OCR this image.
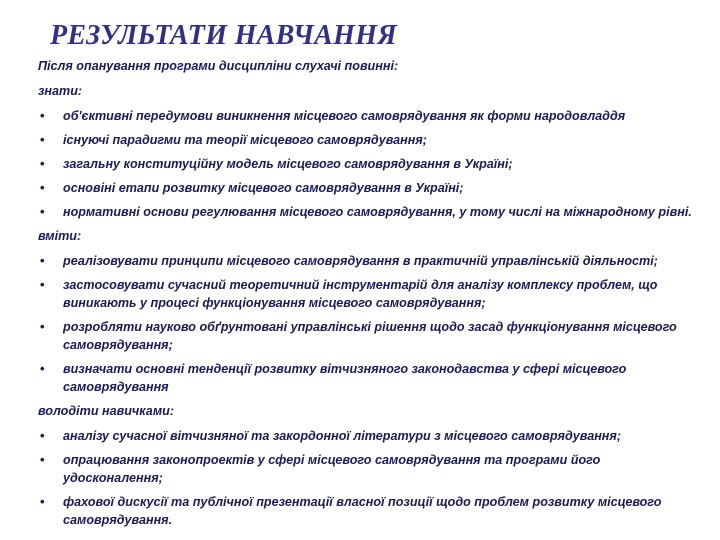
РЕЗУЛЬТАТИ НАВЧАННЯ

Після опанування програми дисципліни слухачі повинні:

знати:

• об'єктивні передумови виникнення місцевого самоврядування як форми народовладдя
• існуючі парадигми та теорії місцевого самоврядування;
• загальну конституційну модель місцевого самоврядування в Україні;
• основіні етапи розвитку місцевого самоврядування в Україні;
• нормативні основи регулювання місцевого самоврядування, у тому числі на міжнародному рівні.

вміти:

• реалізовувати принципи місцевого самоврядування в практичній управлінській діяльності;
• застосовувати сучасний теоретичний інструментарій для аналізу комплексу проблем, що виникають у процесі функціонування місцевого самоврядування;
• розробляти науково обґрунтовані управлінські рішення щодо засад функціонування місцевого самоврядування;
• визначати основні тенденції розвитку вітчизняного законодавства у сфері місцевого самоврядування

володіти навичками:

• аналізу сучасної вітчизняної та закордонної літератури з місцевого самоврядування;
• опрацювання законопроектів у сфері місцевого самоврядування та програми його удосконалення;
• фахової дискусії та публічної презентації власної позиції щодо проблем розвитку місцевого самоврядування.
